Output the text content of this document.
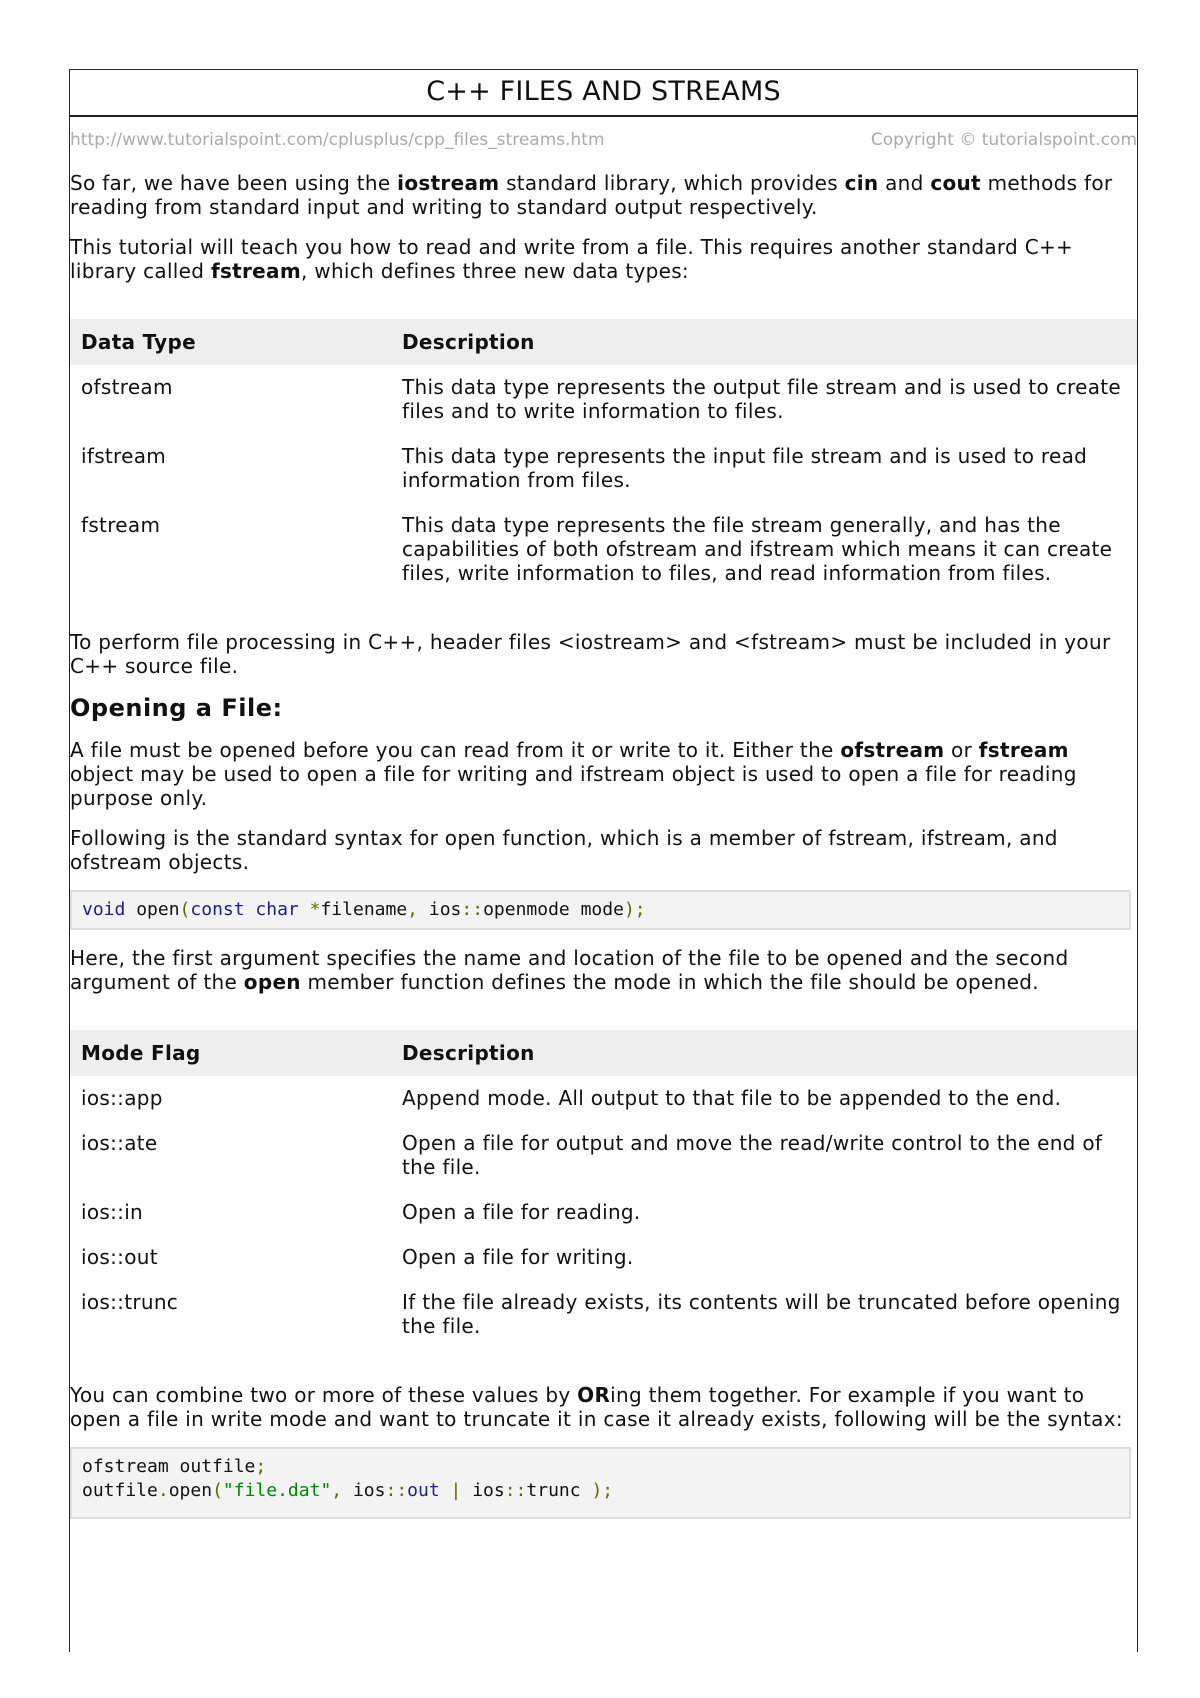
C++ FILES AND STREAMS
http://www.tutorialspoint.com/cplusplus/cpp_files_streams.htm	Copyright © tutorialspoint.com

So far, we have been using the iostream standard library, which provides cin and cout methods for reading from standard input and writing to standard output respectively.

This tutorial will teach you how to read and write from a file. This requires another standard C++ library called fstream, which defines three new data types:

Data Type	Description
ofstream	This data type represents the output file stream and is used to create files and to write information to files.
ifstream	This data type represents the input file stream and is used to read information from files.
fstream	This data type represents the file stream generally, and has the capabilities of both ofstream and ifstream which means it can create files, write information to files, and read information from files.

To perform file processing in C++, header files <iostream> and <fstream> must be included in your C++ source file.

Opening a File:

A file must be opened before you can read from it or write to it. Either the ofstream or fstream object may be used to open a file for writing and ifstream object is used to open a file for reading purpose only.

Following is the standard syntax for open function, which is a member of fstream, ifstream, and ofstream objects.

void open(const char *filename, ios::openmode mode);

Here, the first argument specifies the name and location of the file to be opened and the second argument of the open member function defines the mode in which the file should be opened.

Mode Flag	Description
ios::app	Append mode. All output to that file to be appended to the end.
ios::ate	Open a file for output and move the read/write control to the end of the file.
ios::in	Open a file for reading.
ios::out	Open a file for writing.
ios::trunc	If the file already exists, its contents will be truncated before opening the file.

You can combine two or more of these values by ORing them together. For example if you want to open a file in write mode and want to truncate it in case it already exists, following will be the syntax:

ofstream outfile;
outfile.open("file.dat", ios::out | ios::trunc );
